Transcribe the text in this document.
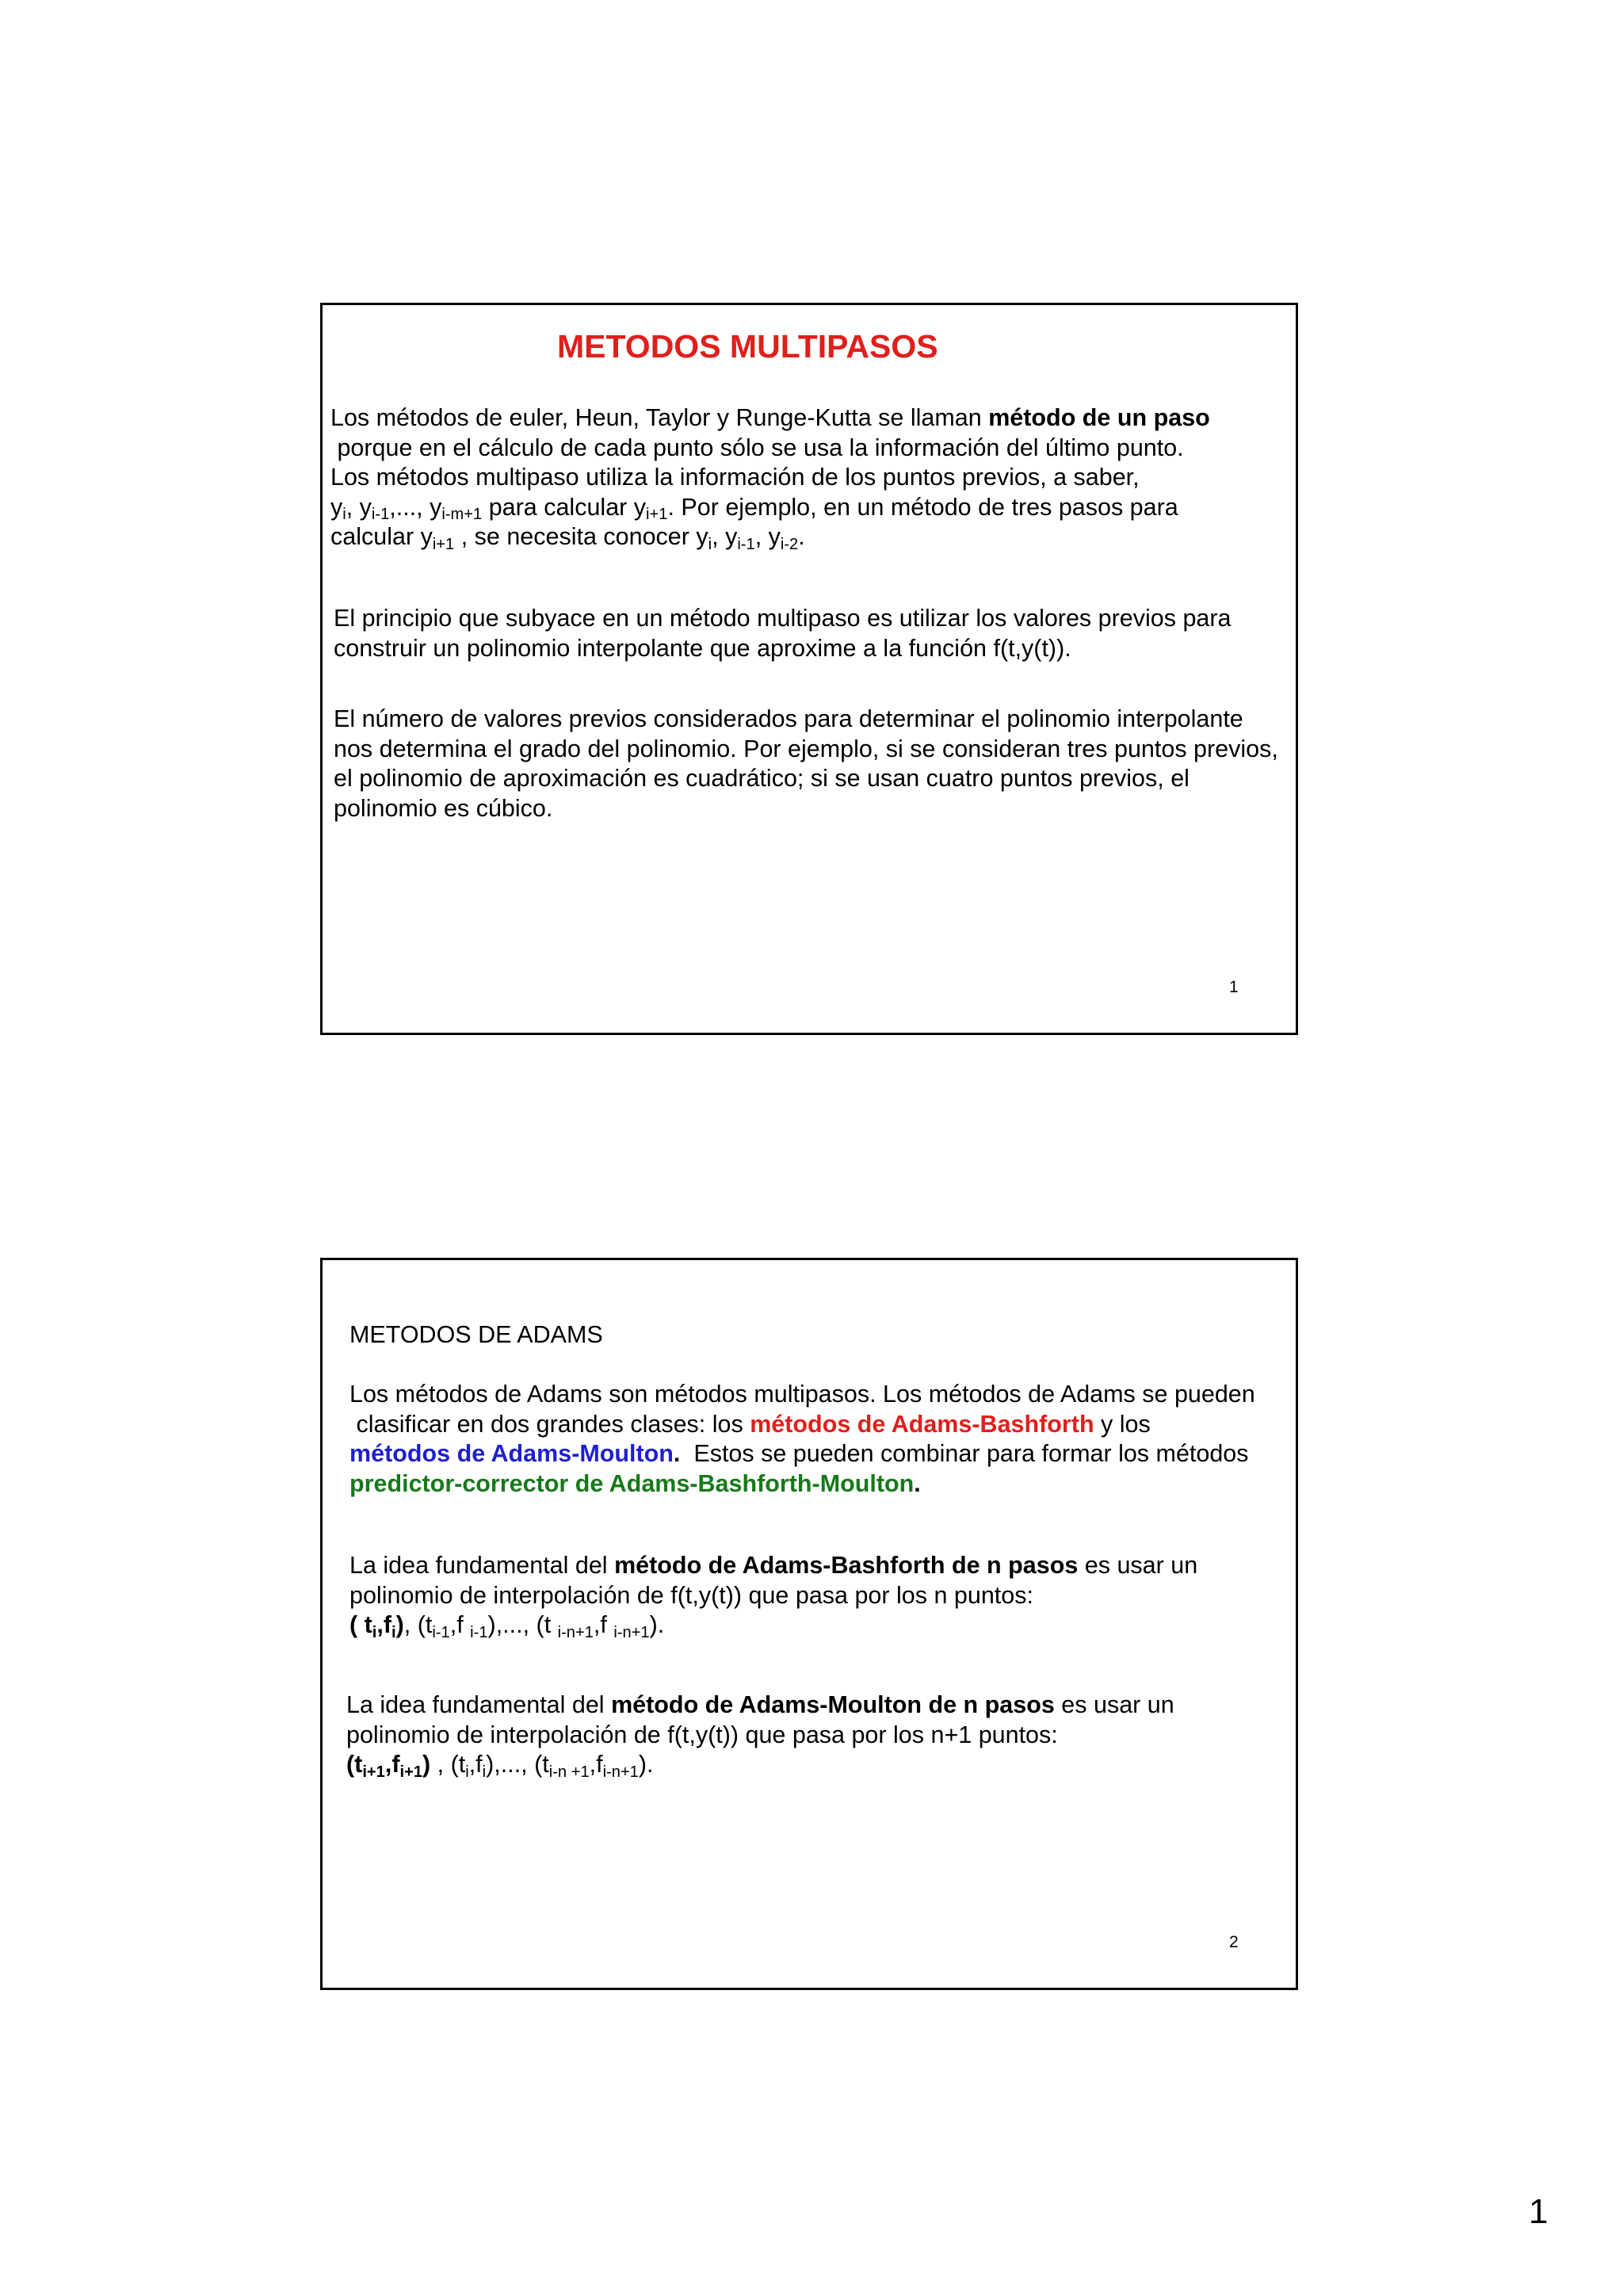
METODOS MULTIPASOS
Los métodos de euler, Heun, Taylor y Runge-Kutta se llaman método de un paso
porque en el cálculo de cada punto sólo se usa la información del último punto.
Los métodos multipaso utiliza la información de los puntos previos, a saber,
yi, yi-1,..., yi-m+1 para calcular yi+1. Por ejemplo, en un método de tres pasos para
calcular yi+1 , se necesita conocer yi, yi-1, yi-2.
El principio que subyace en un método multipaso es utilizar los valores previos para
construir un polinomio interpolante que aproxime a la función f(t,y(t)).
El número de valores previos considerados para determinar el polinomio interpolante
nos determina el grado del polinomio. Por ejemplo, si se consideran tres puntos previos,
el polinomio de aproximación es cuadrático; si se usan cuatro puntos previos, el
polinomio es cúbico.
1
METODOS DE ADAMS
Los métodos de Adams son métodos multipasos. Los métodos de Adams se pueden
clasificar en dos grandes clases: los métodos de Adams-Bashforth y los
métodos de Adams-Moulton.  Estos se pueden combinar para formar los métodos
predictor-corrector de Adams-Bashforth-Moulton.
La idea fundamental del método de Adams-Bashforth de n pasos es usar un
polinomio de interpolación de f(t,y(t)) que pasa por los n puntos:
( ti,fi), (ti-1,f i-1),..., (t i-n+1,f i-n+1).
La idea fundamental del método de Adams-Moulton de n pasos es usar un
polinomio de interpolación de f(t,y(t)) que pasa por los n+1 puntos:
(ti+1,fi+1) , (ti,fi),..., (ti-n +1,fi-n+1).
2
1
